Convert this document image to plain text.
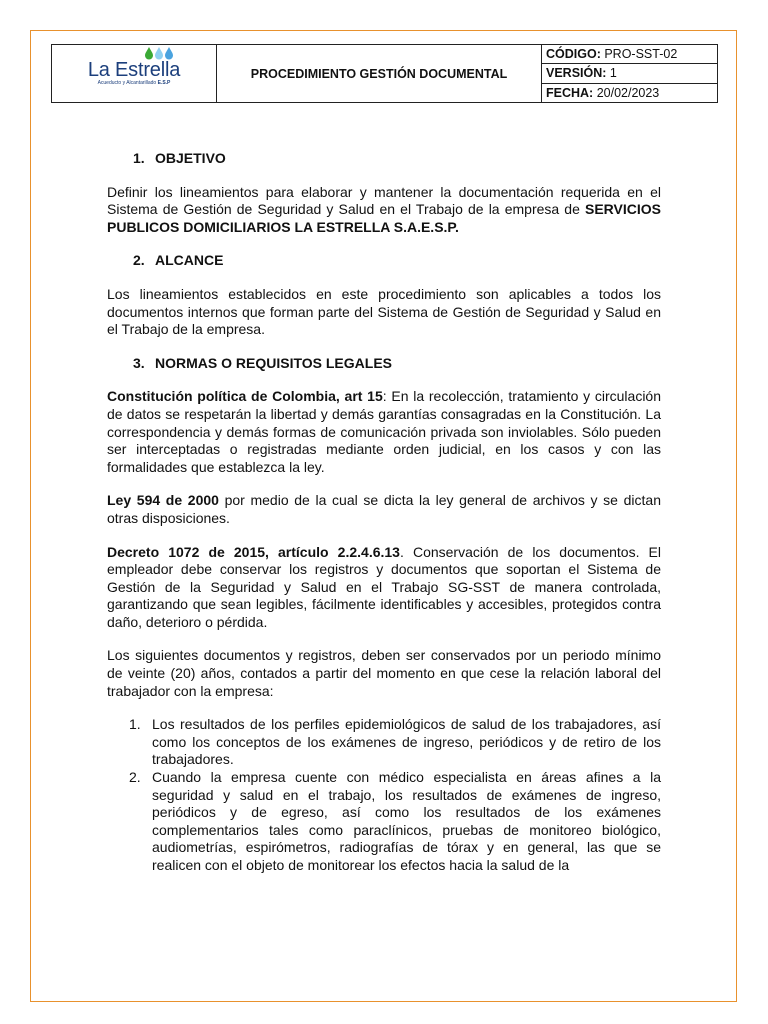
La Estrella
Acueducto y Alcantarillado E.S.P
	PROCEDIMIENTO GESTIÓN DOCUMENTAL	CÓDIGO: PRO-SST-02
VERSIÓN: 1
FECHA: 20/02/2023
1. OBJETIVO

Definir los lineamientos para elaborar y mantener la documentación requerida en el Sistema de Gestión de Seguridad y Salud en el Trabajo de la empresa de SERVICIOS PUBLICOS DOMICILIARIOS LA ESTRELLA S.A.E.S.P.

2. ALCANCE

Los lineamientos establecidos en este procedimiento son aplicables a todos los documentos internos que forman parte del Sistema de Gestión de Seguridad y Salud en el Trabajo de la empresa.

3. NORMAS O REQUISITOS LEGALES

Constitución política de Colombia, art 15: En la recolección, tratamiento y circulación de datos se respetarán la libertad y demás garantías consagradas en la Constitución. La correspondencia y demás formas de comunicación privada son inviolables. Sólo pueden ser interceptadas o registradas mediante orden judicial, en los casos y con las formalidades que establezca la ley.

Ley 594 de 2000 por medio de la cual se dicta la ley general de archivos y se dictan otras disposiciones.

Decreto 1072 de 2015, artículo 2.2.4.6.13. Conservación de los documentos. El empleador debe conservar los registros y documentos que soportan el Sistema de Gestión de la Seguridad y Salud en el Trabajo SG-SST de manera controlada, garantizando que sean legibles, fácilmente identificables y accesibles, protegidos contra daño, deterioro o pérdida.

Los siguientes documentos y registros, deben ser conservados por un periodo mínimo de veinte (20) años, contados a partir del momento en que cese la relación laboral del trabajador con la empresa:

1. Los resultados de los perfiles epidemiológicos de salud de los trabajadores, así como los conceptos de los exámenes de ingreso, periódicos y de retiro de los trabajadores.
2. Cuando la empresa cuente con médico especialista en áreas afines a la seguridad y salud en el trabajo, los resultados de exámenes de ingreso, periódicos y de egreso, así como los resultados de los exámenes complementarios tales como paraclínicos, pruebas de monitoreo biológico, audiometrías, espirómetros, radiografías de tórax y en general, las que se realicen con el objeto de monitorear los efectos hacia la salud de la
